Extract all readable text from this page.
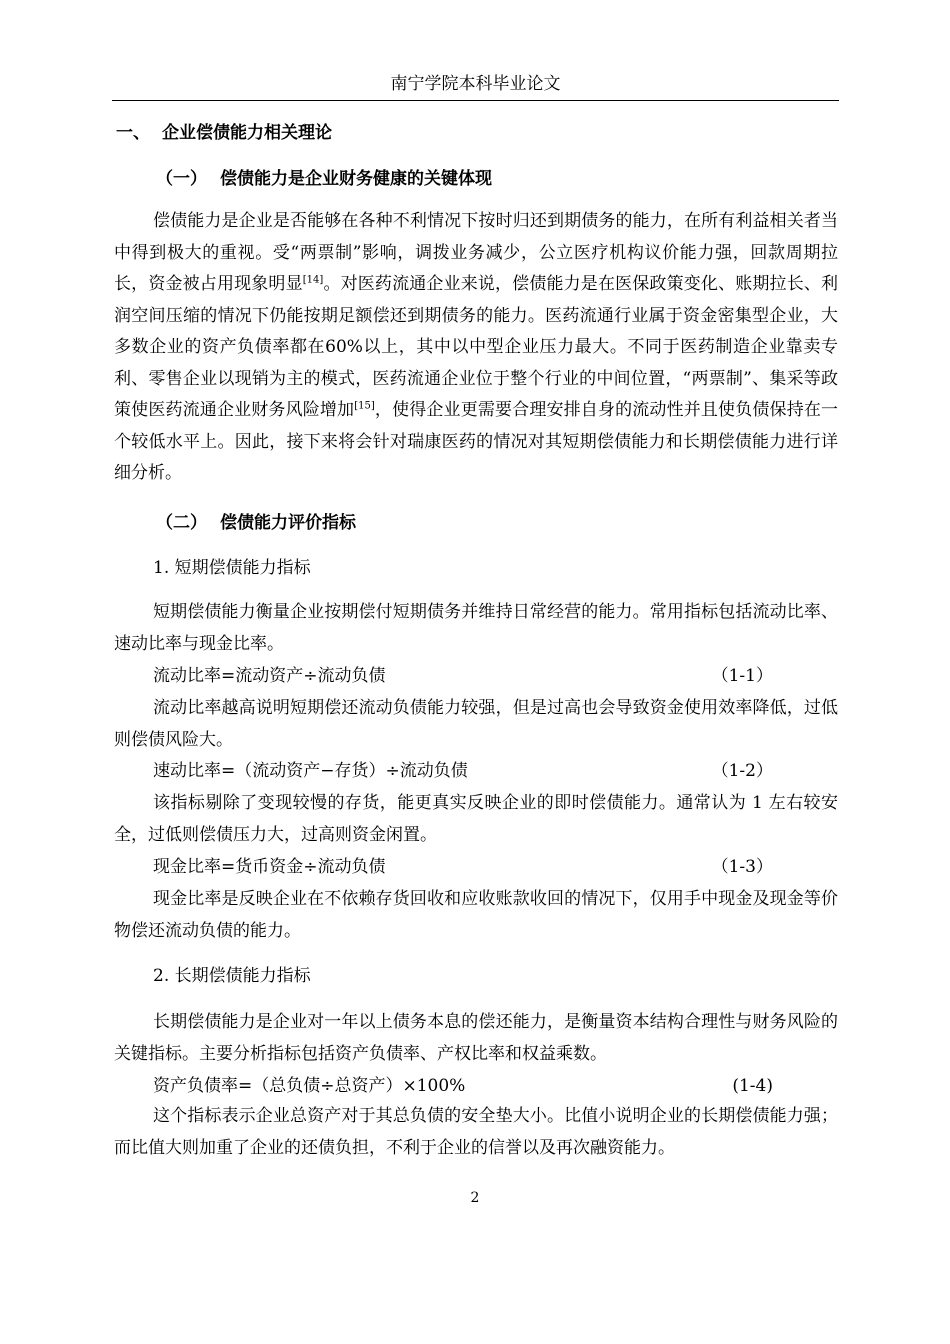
南宁学院本科毕业论文
一、 企业偿债能力相关理论
（一） 偿债能力是企业财务健康的关键体现
偿债能力是企业是否能够在各种不利情况下按时归还到期债务的能力，在所有利益相关者当中得到极大的重视。受“两票制”影响，调拨业务减少，公立医疗机构议价能力强，回款周期拉长，资金被占用现象明显[14]。对医药流通企业来说，偿债能力是在医保政策变化、账期拉长、利润空间压缩的情况下仍能按期足额偿还到期债务的能力。医药流通行业属于资金密集型企业，大多数企业的资产负债率都在60%以上，其中以中型企业压力最大。不同于医药制造企业靠卖专利、零售企业以现销为主的模式，医药流通企业位于整个行业的中间位置，“两票制”、集采等政策使医药流通企业财务风险增加[15]，使得企业更需要合理安排自身的流动性并且使负债保持在一个较低水平上。因此，接下来将会针对瑞康医药的情况对其短期偿债能力和长期偿债能力进行详细分析。
（二） 偿债能力评价指标
1. 短期偿债能力指标
短期偿债能力衡量企业按期偿付短期债务并维持日常经营的能力。常用指标包括流动比率、速动比率与现金比率。
流动比率=流动资产÷流动负债	（1-1）
流动比率越高说明短期偿还流动负债能力较强，但是过高也会导致资金使用效率降低，过低则偿债风险大。
速动比率=（流动资产−存货）÷流动负债	（1-2）
该指标剔除了变现较慢的存货，能更真实反映企业的即时偿债能力。通常认为 1 左右较安全，过低则偿债压力大，过高则资金闲置。
现金比率=货币资金÷流动负债	（1-3）
现金比率是反映企业在不依赖存货回收和应收账款收回的情况下，仅用手中现金及现金等价物偿还流动负债的能力。
2. 长期偿债能力指标
长期偿债能力是企业对一年以上债务本息的偿还能力，是衡量资本结构合理性与财务风险的关键指标。主要分析指标包括资产负债率、产权比率和权益乘数。
资产负债率=（总负债÷总资产）×100%	(1-4)
这个指标表示企业总资产对于其总负债的安全垫大小。比值小说明企业的长期偿债能力强；而比值大则加重了企业的还债负担，不利于企业的信誉以及再次融资能力。
2
